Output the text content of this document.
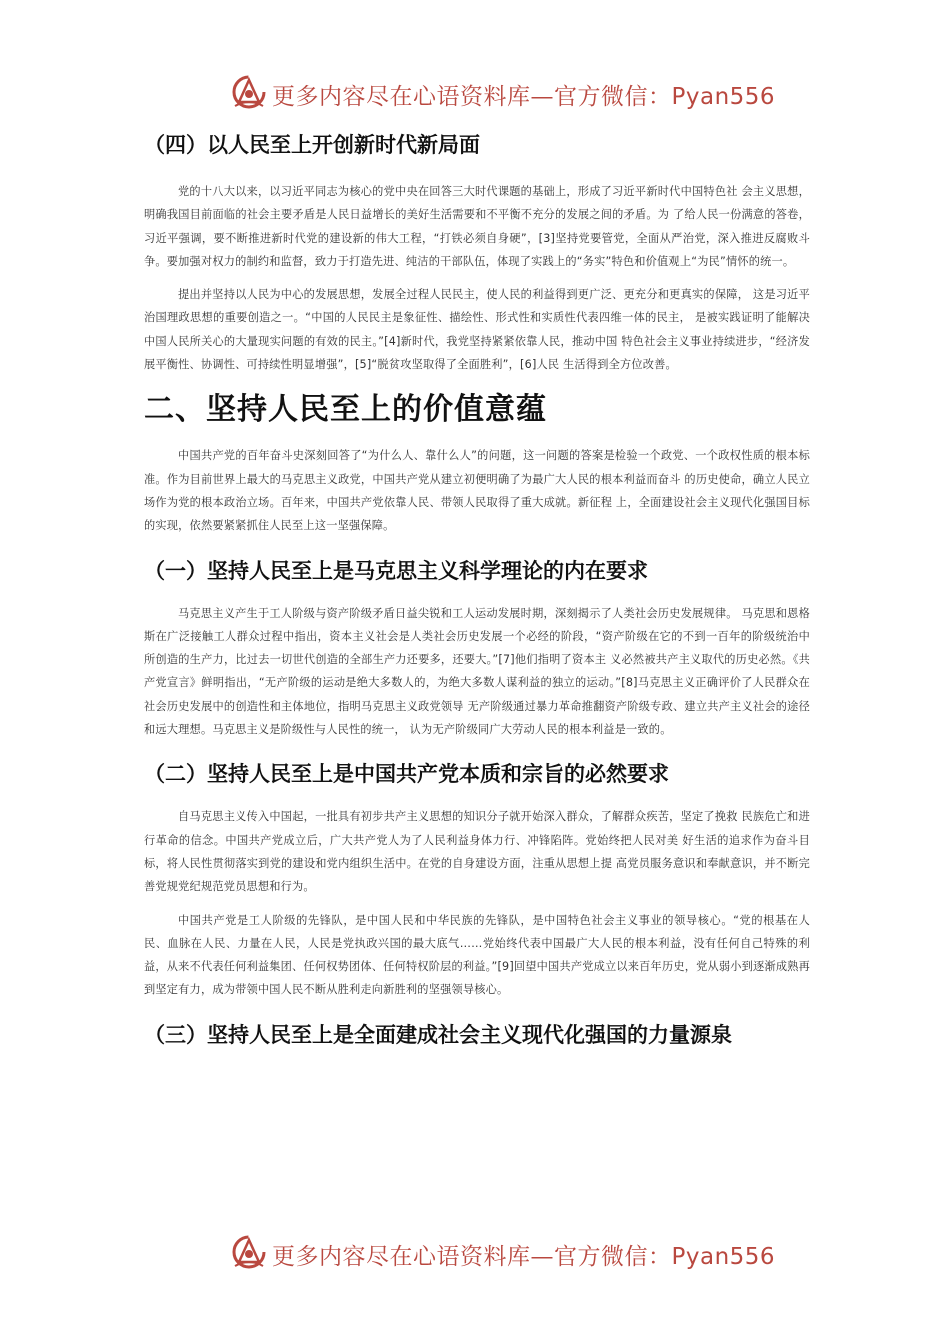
更多内容尽在心语资料库—官方微信：Pyan556
（四）以人民至上开创新时代新局面

党的十八大以来，以习近平同志为核心的党中央在回答三大时代课题的基础上，形成了习近平新时代中国特色社 会主义思想，明确我国目前面临的社会主要矛盾是人民日益增长的美好生活需要和不平衡不充分的发展之间的矛盾。为 了给人民一份满意的答卷，习近平强调，要不断推进新时代党的建设新的伟大工程，“打铁必须自身硬”，[3]坚持党要管党，全面从严治党，深入推进反腐败斗争。要加强对权力的制约和监督，致力于打造先进、纯洁的干部队伍，体现了实践上的“务实”特色和价值观上“为民”情怀的统一。

提出并坚持以人民为中心的发展思想，发展全过程人民民主，使人民的利益得到更广泛、更充分和更真实的保障， 这是习近平治国理政思想的重要创造之一。“中国的人民民主是象征性、描绘性、形式性和实质性代表四维一体的民主， 是被实践证明了能解决中国人民所关心的大量现实问题的有效的民主。”[4]新时代，我党坚持紧紧依靠人民，推动中国 特色社会主义事业持续进步，“经济发展平衡性、协调性、可持续性明显增强”，[5]“脱贫攻坚取得了全面胜利”，[6]人民 生活得到全方位改善。

二、坚持人民至上的价值意蕴

中国共产党的百年奋斗史深刻回答了“为什么人、靠什么人”的问题，这一问题的答案是检验一个政党、一个政权性质的根本标准。作为目前世界上最大的马克思主义政党，中国共产党从建立初便明确了为最广大人民的根本利益而奋斗 的历史使命，确立人民立场作为党的根本政治立场。百年来，中国共产党依靠人民、带领人民取得了重大成就。新征程 上，全面建设社会主义现代化强国目标的实现，依然要紧紧抓住人民至上这一坚强保障。

（一）坚持人民至上是马克思主义科学理论的内在要求

马克思主义产生于工人阶级与资产阶级矛盾日益尖锐和工人运动发展时期，深刻揭示了人类社会历史发展规律。 马克思和恩格斯在广泛接触工人群众过程中指出，资本主义社会是人类社会历史发展一个必经的阶段，“资产阶级在它的不到一百年的阶级统治中所创造的生产力，比过去一切世代创造的全部生产力还要多，还要大。”[7]他们指明了资本主 义必然被共产主义取代的历史必然。《共产党宣言》鲜明指出，“无产阶级的运动是绝大多数人的，为绝大多数人谋利益的独立的运动。”[8]马克思主义正确评价了人民群众在社会历史发展中的创造性和主体地位，指明马克思主义政党领导 无产阶级通过暴力革命推翻资产阶级专政、建立共产主义社会的途径和远大理想。马克思主义是阶级性与人民性的统一， 认为无产阶级同广大劳动人民的根本利益是一致的。

（二）坚持人民至上是中国共产党本质和宗旨的必然要求

自马克思主义传入中国起，一批具有初步共产主义思想的知识分子就开始深入群众，了解群众疾苦，坚定了挽救 民族危亡和进行革命的信念。中国共产党成立后，广大共产党人为了人民利益身体力行、冲锋陷阵。党始终把人民对美 好生活的追求作为奋斗目标，将人民性贯彻落实到党的建设和党内组织生活中。在党的自身建设方面，注重从思想上提 高党员服务意识和奉献意识，并不断完善党规党纪规范党员思想和行为。

中国共产党是工人阶级的先锋队，是中国人民和中华民族的先锋队，是中国特色社会主义事业的领导核心。“党的根基在人民、血脉在人民、力量在人民，人民是党执政兴国的最大底气……党始终代表中国最广大人民的根本利益，没有任何自己特殊的利益，从来不代表任何利益集团、任何权势团体、任何特权阶层的利益。”[9]回望中国共产党成立以来百年历史，党从弱小到逐渐成熟再到坚定有力，成为带领中国人民不断从胜利走向新胜利的坚强领导核心。

（三）坚持人民至上是全面建成社会主义现代化强国的力量源泉
更多内容尽在心语资料库—官方微信：Pyan556
